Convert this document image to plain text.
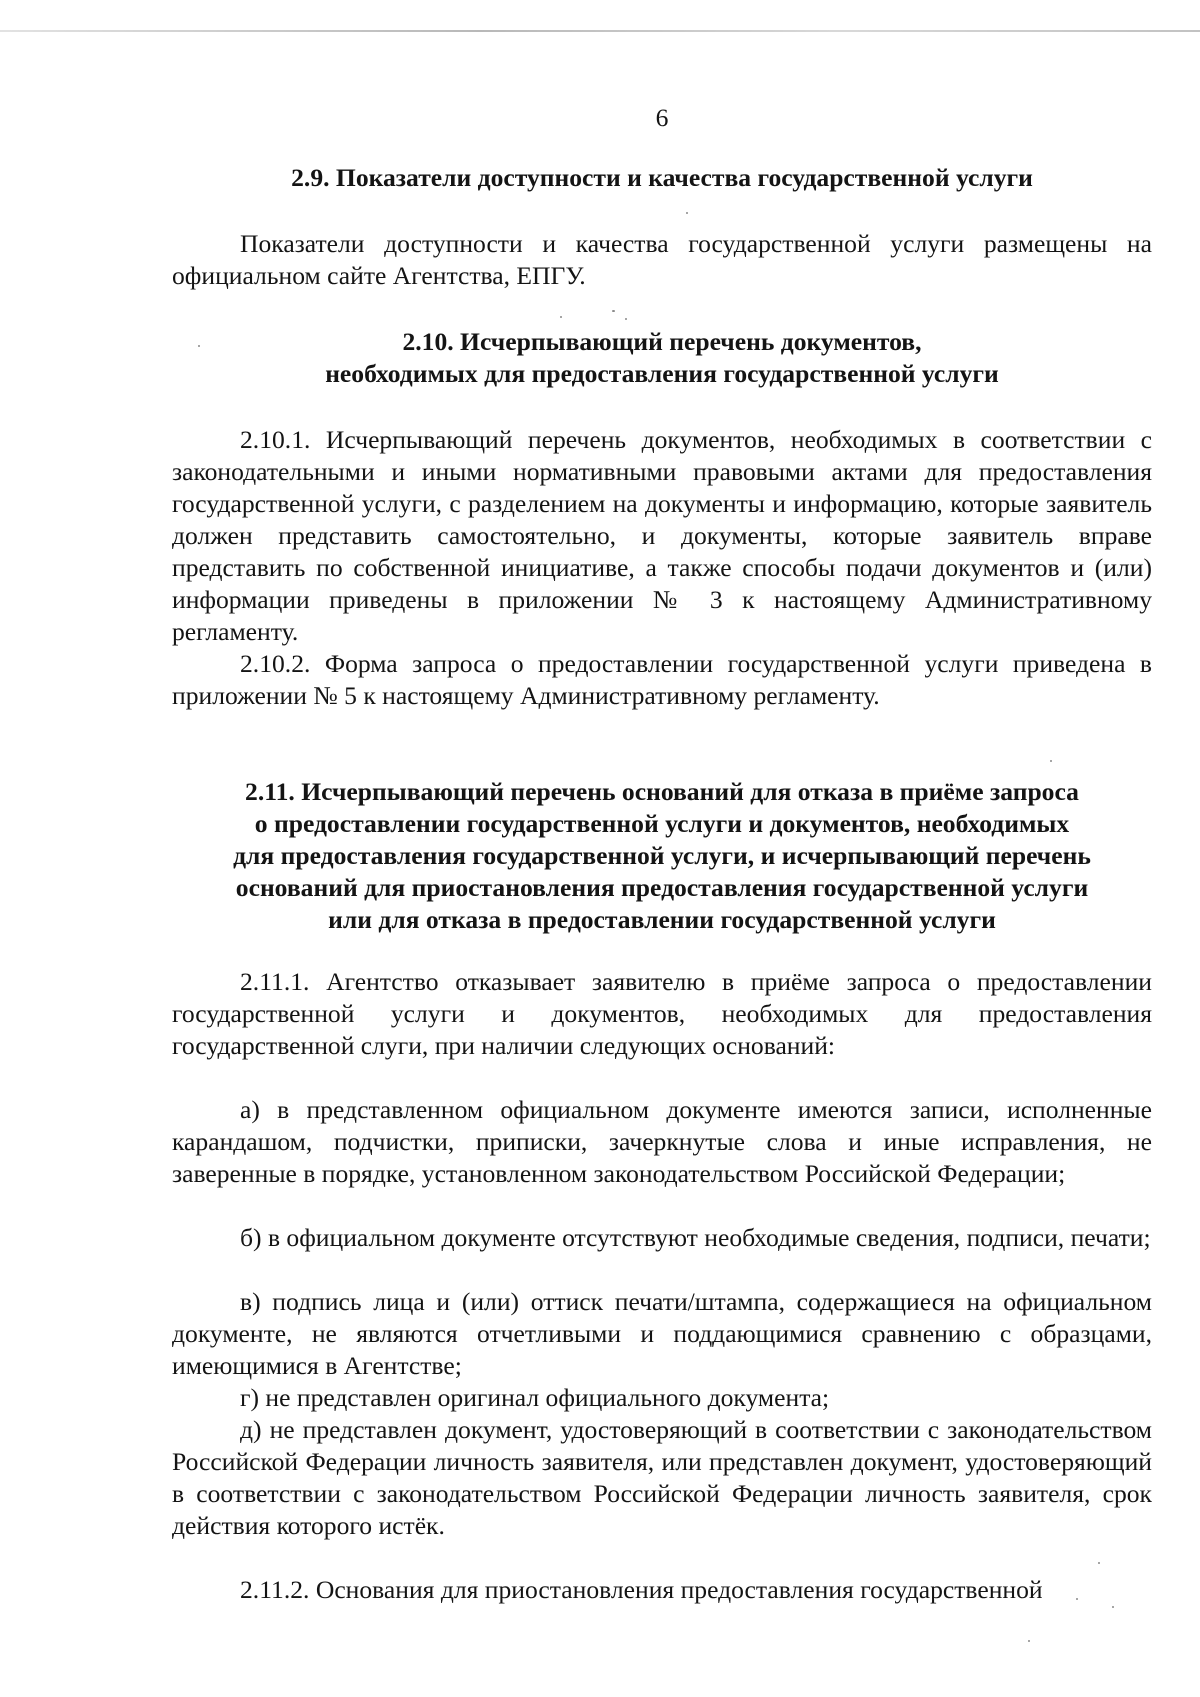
6
2.9. Показатели доступности и качества государственной услуги

Показатели доступности и качества государственной услуги размещены на официальном сайте Агентства, ЕПГУ.

2.10. Исчерпывающий перечень документов,
необходимых для предоставления государственной услуги

2.10.1. Исчерпывающий перечень документов, необходимых в соответствии с законодательными и иными нормативными правовыми актами для предоставления государственной услуги, с разделением на документы и информацию, которые заявитель должен представить самостоятельно, и документы, которые заявитель вправе представить по собственной инициативе, а также способы подачи документов и (или) информации приведены в приложении № 3 к настоящему Административному регламенту.

2.10.2. Форма запроса о предоставлении государственной услуги приведена в приложении № 5 к настоящему Административному регламенту.

2.11. Исчерпывающий перечень оснований для отказа в приёме запроса
о предоставлении государственной услуги и документов, необходимых
для предоставления государственной услуги, и исчерпывающий перечень
оснований для приостановления предоставления государственной услуги
или для отказа в предоставлении государственной услуги

2.11.1. Агентство отказывает заявителю в приёме запроса о предоставлении государственной услуги и документов, необходимых для предоставления государственной слуги, при наличии следующих оснований:

а) в представленном официальном документе имеются записи, исполненные карандашом, подчистки, приписки, зачеркнутые слова и иные исправления, не заверенные в порядке, установленном законодательством Российской Федерации;

б) в официальном документе отсутствуют необходимые сведения, подписи, печати;

в) подпись лица и (или) оттиск печати/штампа, содержащиеся на официальном документе, не являются отчетливыми и поддающимися сравнению с образцами, имеющимися в Агентстве;

г) не представлен оригинал официального документа;

д) не представлен документ, удостоверяющий в соответствии с законодательством Российской Федерации личность заявителя, или представлен документ, удостоверяющий в соответствии с законодательством Российской Федерации личность заявителя, срок действия которого истёк.

2.11.2. Основания для приостановления предоставления государственной
